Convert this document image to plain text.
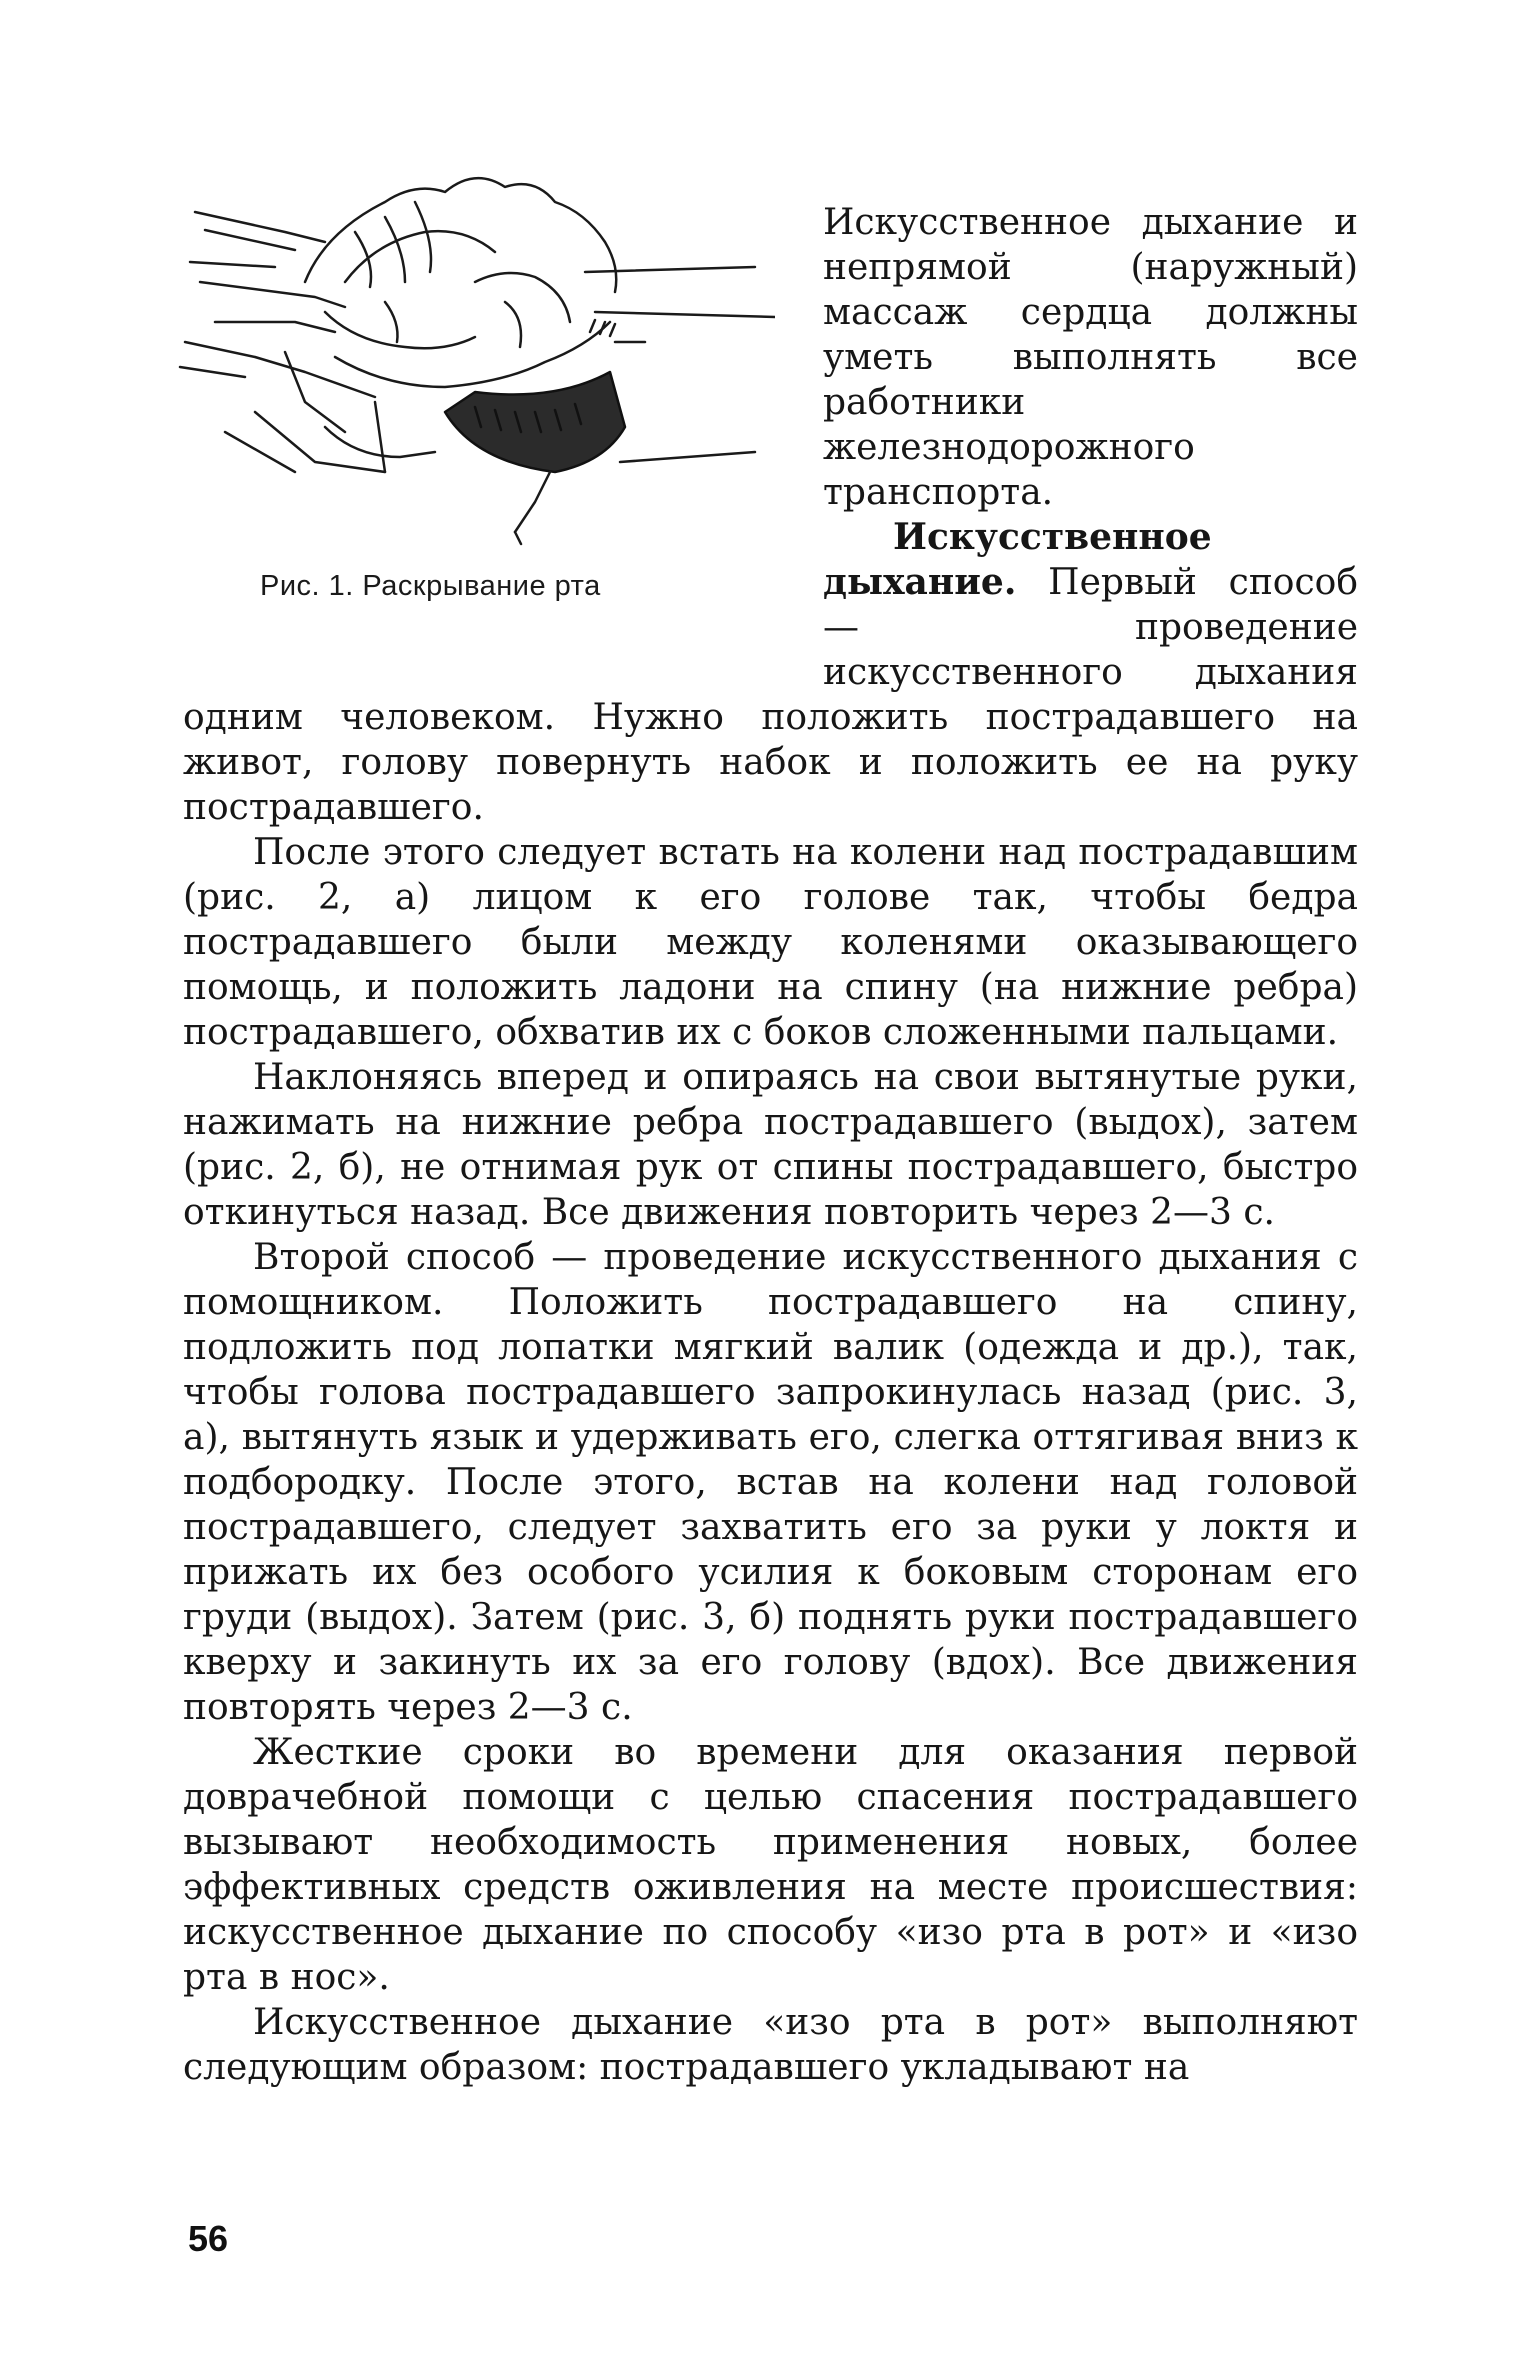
Рис. 1. Раскрывание рта

Искусственное дыхание и непрямой (наружный) массаж сердца должны уметь выполнять все работники железнодорожного транспорта.

Искусственное дыхание. Первый способ — проведение искусственного дыхания одним человеком. Нужно положить пострадавшего на живот, голову повернуть набок и положить ее на руку пострадавшего.

После этого следует встать на колени над пострадавшим (рис. 2, а) лицом к его голове так, чтобы бедра пострадавшего были между коленями оказывающего помощь, и положить ладони на спину (на нижние ребра) пострадавшего, обхватив их с боков сложенными пальцами.

Наклоняясь вперед и опираясь на свои вытянутые руки, нажимать на нижние ребра пострадавшего (выдох), затем (рис. 2, б), не отнимая рук от спины пострадавшего, быстро откинуться назад. Все движения повторить через 2—3 с.

Второй способ — проведение искусственного дыхания с помощником. Положить пострадавшего на спину, подложить под лопатки мягкий валик (одежда и др.), так, чтобы голова пострадавшего запрокинулась назад (рис. 3, а), вытянуть язык и удерживать его, слегка оттягивая вниз к подбородку. После этого, встав на колени над головой пострадавшего, следует захватить его за руки у локтя и прижать их без особого усилия к боковым сторонам его груди (выдох). Затем (рис. 3, б) поднять руки пострадавшего кверху и закинуть их за его голову (вдох). Все движения повторять через 2—3 с.

Жесткие сроки во времени для оказания первой доврачебной помощи с целью спасения пострадавшего вызывают необходимость применения новых, более эффективных средств оживления на месте происшествия: искусственное дыхание по способу «изо рта в рот» и «изо рта в нос».

Искусственное дыхание «изо рта в рот» выполняют следующим образом: пострадавшего укладывают на

56
